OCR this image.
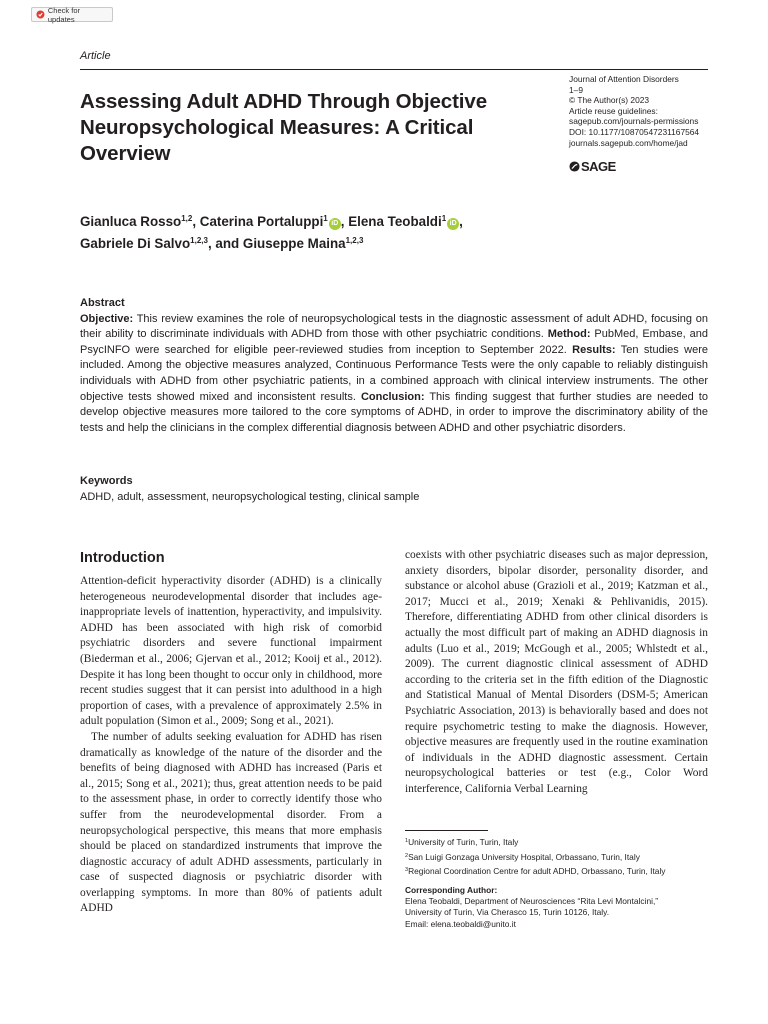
Check for updates
Article
Assessing Adult ADHD Through Objective Neuropsychological Measures: A Critical Overview
Journal of Attention Disorders
1–9
© The Author(s) 2023
Article reuse guidelines:
sagepub.com/journals-permissions
DOI: 10.1177/10870547231167564
journals.sagepub.com/home/jad
SAGE
Gianluca Rosso$^{1,2}$, Caterina Portaluppi$^1$iD , Elena Teobaldi$^1$iD ,
Gabriele Di Salvo$^{1,2,3}$, and Giuseppe Maina$^{1,2,3}$
Abstract

Objective: This review examines the role of neuropsychological tests in the diagnostic assessment of adult ADHD, focusing on their ability to discriminate individuals with ADHD from those with other psychiatric conditions. Method: PubMed, Embase, and PsycINFO were searched for eligible peer-reviewed studies from inception to September 2022. Results: Ten studies were included. Among the objective measures analyzed, Continuous Performance Tests were the only capable to reliably distinguish individuals with ADHD from other psychiatric patients, in a combined approach with clinical interview instruments. The other objective tests showed mixed and inconsistent results. Conclusion: This finding suggest that further studies are needed to develop objective measures more tailored to the core symptoms of ADHD, in order to improve the discriminatory ability of the tests and help the clinicians in the complex differential diagnosis between ADHD and other psychiatric disorders.

Keywords
ADHD, adult, assessment, neuropsychological testing, clinical sample
Introduction

Attention-deficit hyperactivity disorder (ADHD) is a clinically heterogeneous neurodevelopmental disorder that includes age-inappropriate levels of inattention, hyperactivity, and impulsivity. ADHD has been associated with high risk of comorbid psychiatric disorders and severe functional impairment (Biederman et al., 2006; Gjervan et al., 2012; Kooij et al., 2012). Despite it has long been thought to occur only in childhood, more recent studies suggest that it can persist into adulthood in a high proportion of cases, with a prevalence of approximately 2.5% in adult population (Simon et al., 2009; Song et al., 2021).

The number of adults seeking evaluation for ADHD has risen dramatically as knowledge of the nature of the disorder and the benefits of being diagnosed with ADHD has increased (Paris et al., 2015; Song et al., 2021); thus, great attention needs to be paid to the assessment phase, in order to correctly identify those who suffer from the neurodevelopmental disorder. From a neuropsychological perspective, this means that more emphasis should be placed on standardized instruments that improve the diagnostic accuracy of adult ADHD assessments, particularly in case of suspected diagnosis or psychiatric disorder with overlapping symptoms. In more than 80% of patients adult ADHD

coexists with other psychiatric diseases such as major depression, anxiety disorders, bipolar disorder, personality disorder, and substance or alcohol abuse (Grazioli et al., 2019; Katzman et al., 2017; Mucci et al., 2019; Xenaki & Pehlivanidis, 2015). Therefore, differentiating ADHD from other clinical disorders is actually the most difficult part of making an ADHD diagnosis in adults (Luo et al., 2019; McGough et al., 2005; Whlstedt et al., 2009). The current diagnostic clinical assessment of ADHD according to the criteria set in the fifth edition of the Diagnostic and Statistical Manual of Mental Disorders (DSM-5; American Psychiatric Association, 2013) is behaviorally based and does not require psychometric testing to make the diagnosis. However, objective measures are frequently used in the routine examination of individuals in the ADHD diagnostic assessment. Certain neuropsychological batteries or test (e.g., Color Word interference, California Verbal Learning

$^1$University of Turin, Turin, Italy
$^2$San Luigi Gonzaga University Hospital, Orbassano, Turin, Italy
$^3$Regional Coordination Centre for adult ADHD, Orbassano, Turin, Italy
Corresponding Author:
Elena Teobaldi, Department of Neurosciences “Rita Levi Montalcini,”
University of Turin, Via Cherasco 15, Turin 10126, Italy.
Email: elena.teobaldi@unito.it
